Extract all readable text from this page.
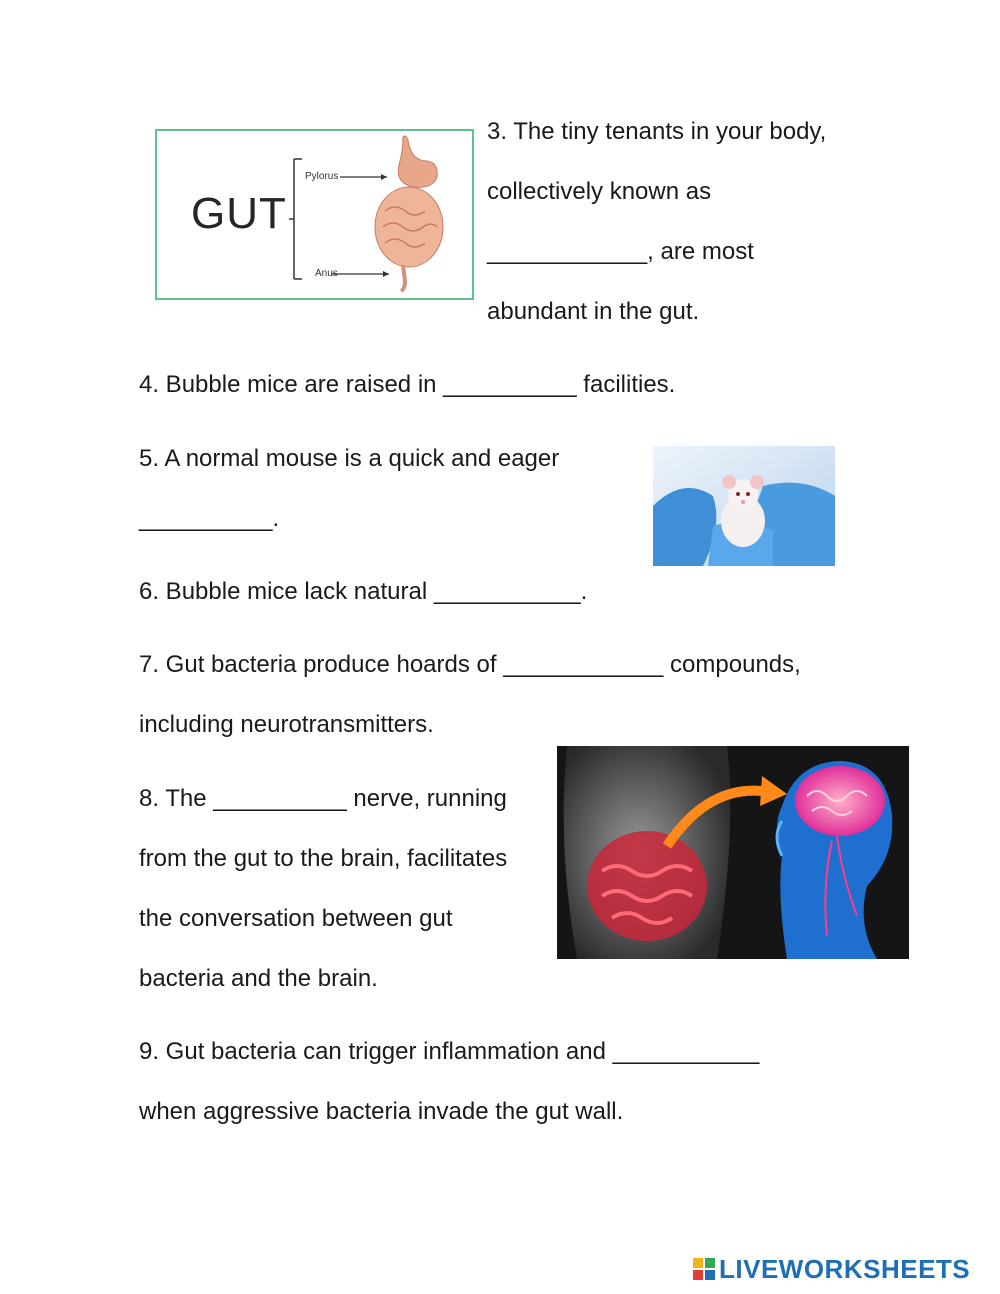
GUT
Pylorus
Anus
3. The tiny tenants in your body,
collectively known as
____________, are most
abundant in the gut.
4. Bubble mice are raised in __________ facilities.
5. A normal mouse is a quick and eager
__________.
6. Bubble mice lack natural ___________.
7. Gut bacteria produce hoards of ____________ compounds,
including neurotransmitters.
8. The __________ nerve, running
from the gut to the brain, facilitates
the conversation between gut
bacteria and the brain.
9. Gut bacteria can trigger inflammation and ___________
when aggressive bacteria invade the gut wall.
LIVEWORKSHEETS
